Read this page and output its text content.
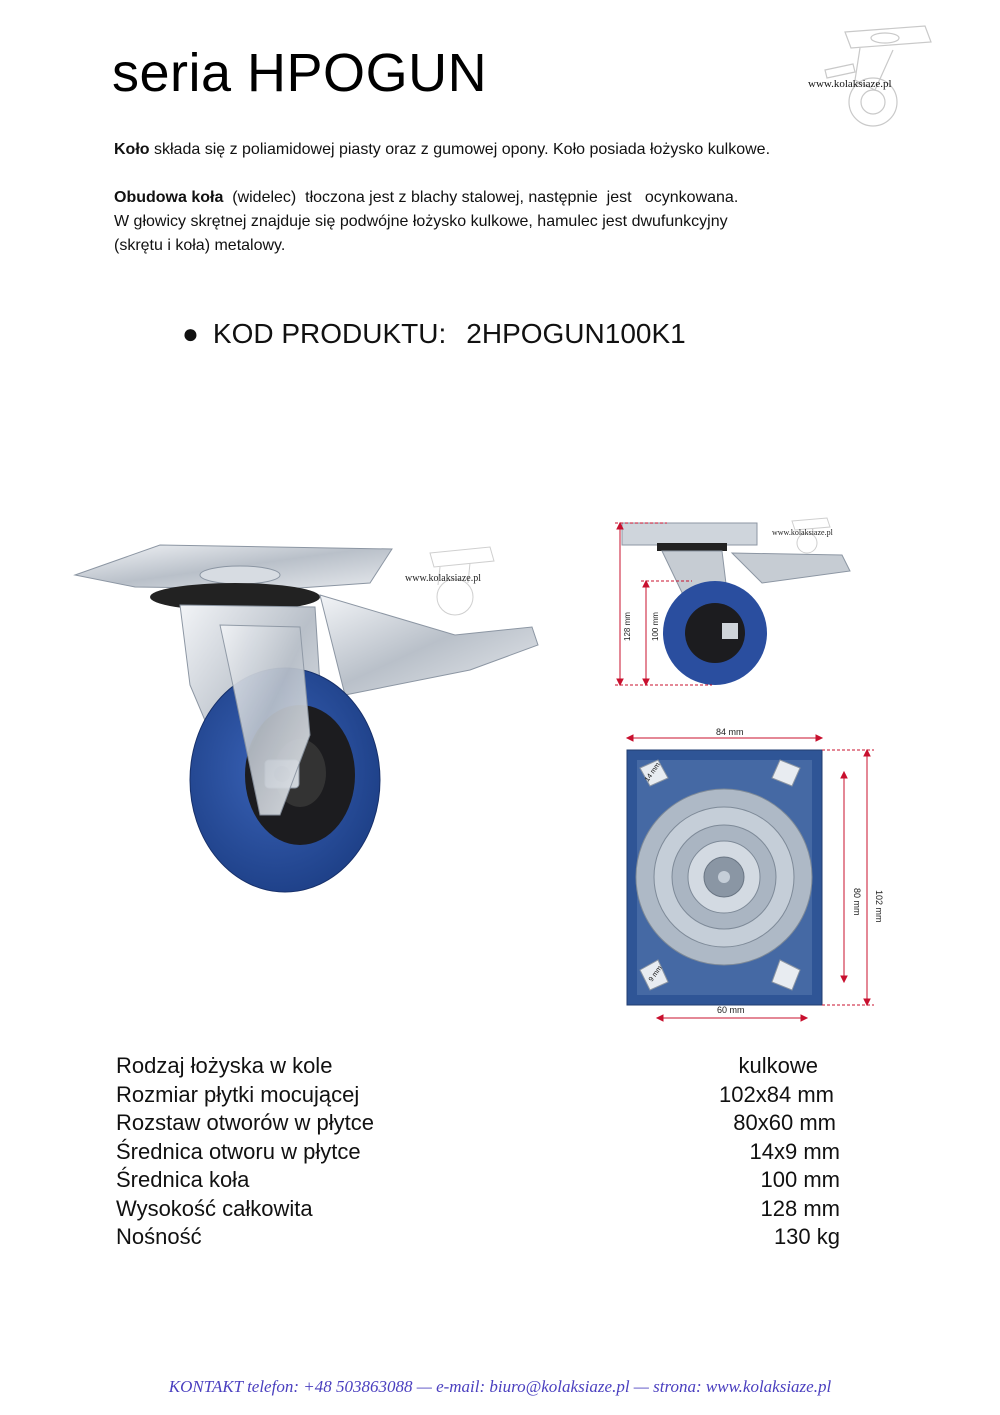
seria HPOGUN	www.kolaksiaze.pl
Koło składa się z poliamidowej piasty oraz z gumowej opony. Koło posiada łożysko kulkowe.
Obudowa koła  (widelec)  tłoczona jest z blachy stalowej, następnie  jest   ocynkowana.
W głowicy skrętnej znajduje się podwójne łożysko kulkowe, hamulec jest dwufunkcyjny
(skrętu i koła) metalowy.
● KOD PRODUKTU: 2HPOGUN100K1
www.kolaksiaze.pl
www.kolaksiaze.pl
128 mm 100 mm
84 mm
102 mm
80 mm
60 mm
14 mm
9 mm
Rodzaj łożyska w kole	kulkowe
Rozmiar płytki mocującej	102x84 mm
Rozstaw otworów w płytce	80x60 mm
Średnica otworu w płytce	14x9 mm
Średnica koła	100 mm
Wysokość całkowita	128 mm
Nośność	130 kg
KONTAKT telefon: +48 503863088 — e-mail: biuro@kolaksiaze.pl — strona: www.kolaksiaze.pl
